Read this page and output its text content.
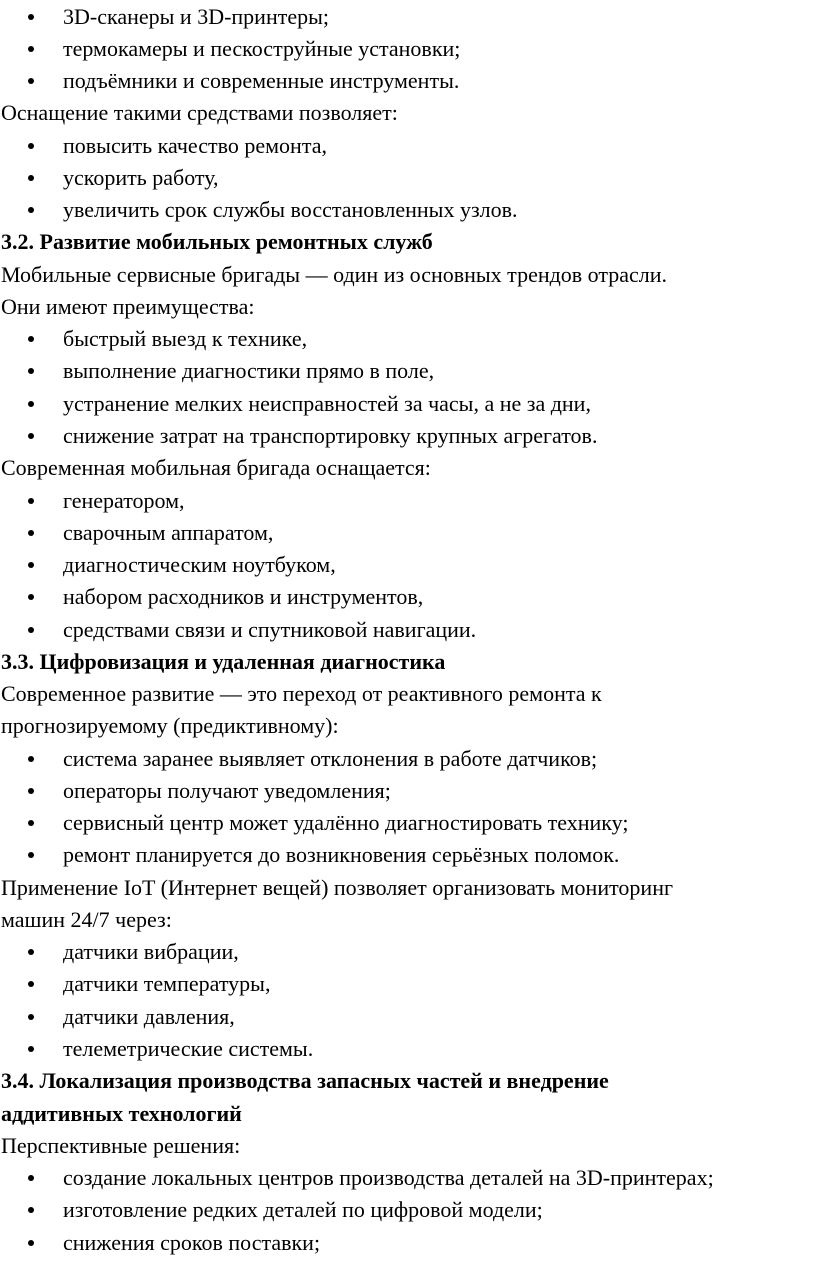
3D-сканеры и 3D-принтеры;
термокамеры и пескоструйные установки;
подъёмники и современные инструменты.
Оснащение такими средствами позволяет:
повысить качество ремонта,
ускорить работу,
увеличить срок службы восстановленных узлов.
3.2. Развитие мобильных ремонтных служб
Мобильные сервисные бригады — один из основных трендов отрасли.
Они имеют преимущества:
быстрый выезд к технике,
выполнение диагностики прямо в поле,
устранение мелких неисправностей за часы, а не за дни,
снижение затрат на транспортировку крупных агрегатов.
Современная мобильная бригада оснащается:
генератором,
сварочным аппаратом,
диагностическим ноутбуком,
набором расходников и инструментов,
средствами связи и спутниковой навигации.
3.3. Цифровизация и удаленная диагностика
Современное развитие — это переход от реактивного ремонта к
прогнозируемому (предиктивному):
система заранее выявляет отклонения в работе датчиков;
операторы получают уведомления;
сервисный центр может удалённо диагностировать технику;
ремонт планируется до возникновения серьёзных поломок.
Применение IoT (Интернет вещей) позволяет организовать мониторинг
машин 24/7 через:
датчики вибрации,
датчики температуры,
датчики давления,
телеметрические системы.
3.4. Локализация производства запасных частей и внедрение
аддитивных технологий
Перспективные решения:
создание локальных центров производства деталей на 3D-принтерах;
изготовление редких деталей по цифровой модели;
снижения сроков поставки;
